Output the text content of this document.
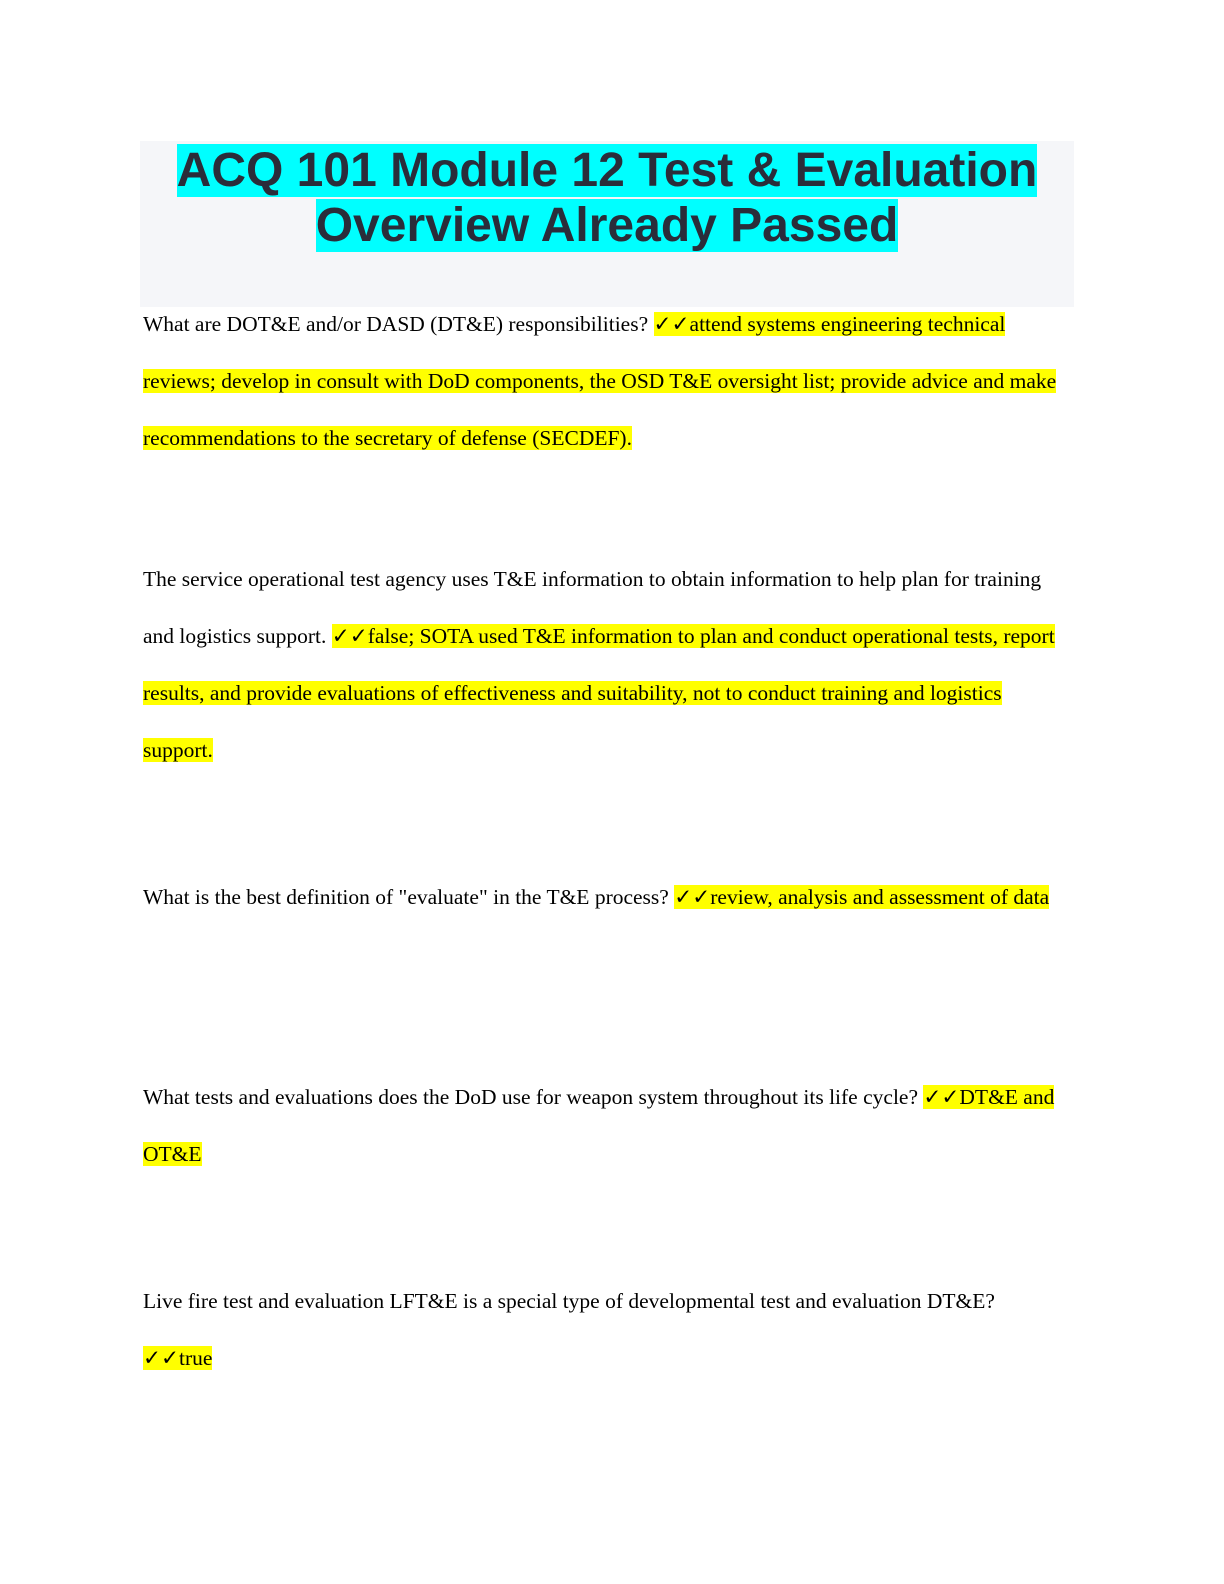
ACQ 101 Module 12 Test & Evaluation
Overview Already Passed

What are DOT&E and/or DASD (DT&E) responsibilities? ✓✓attend systems engineering technical reviews; develop in consult with DoD components, the OSD T&E oversight list; provide advice and make recommendations to the secretary of defense (SECDEF).

The service operational test agency uses T&E information to obtain information to help plan for training and logistics support. ✓✓false; SOTA used T&E information to plan and conduct operational tests, report results, and provide evaluations of effectiveness and suitability, not to conduct training and logistics support.

What is the best definition of "evaluate" in the T&E process? ✓✓review, analysis and assessment of data

What tests and evaluations does the DoD use for weapon system throughout its life cycle? ✓✓DT&E and OT&E

Live fire test and evaluation LFT&E is a special type of developmental test and evaluation DT&E? ✓✓true
